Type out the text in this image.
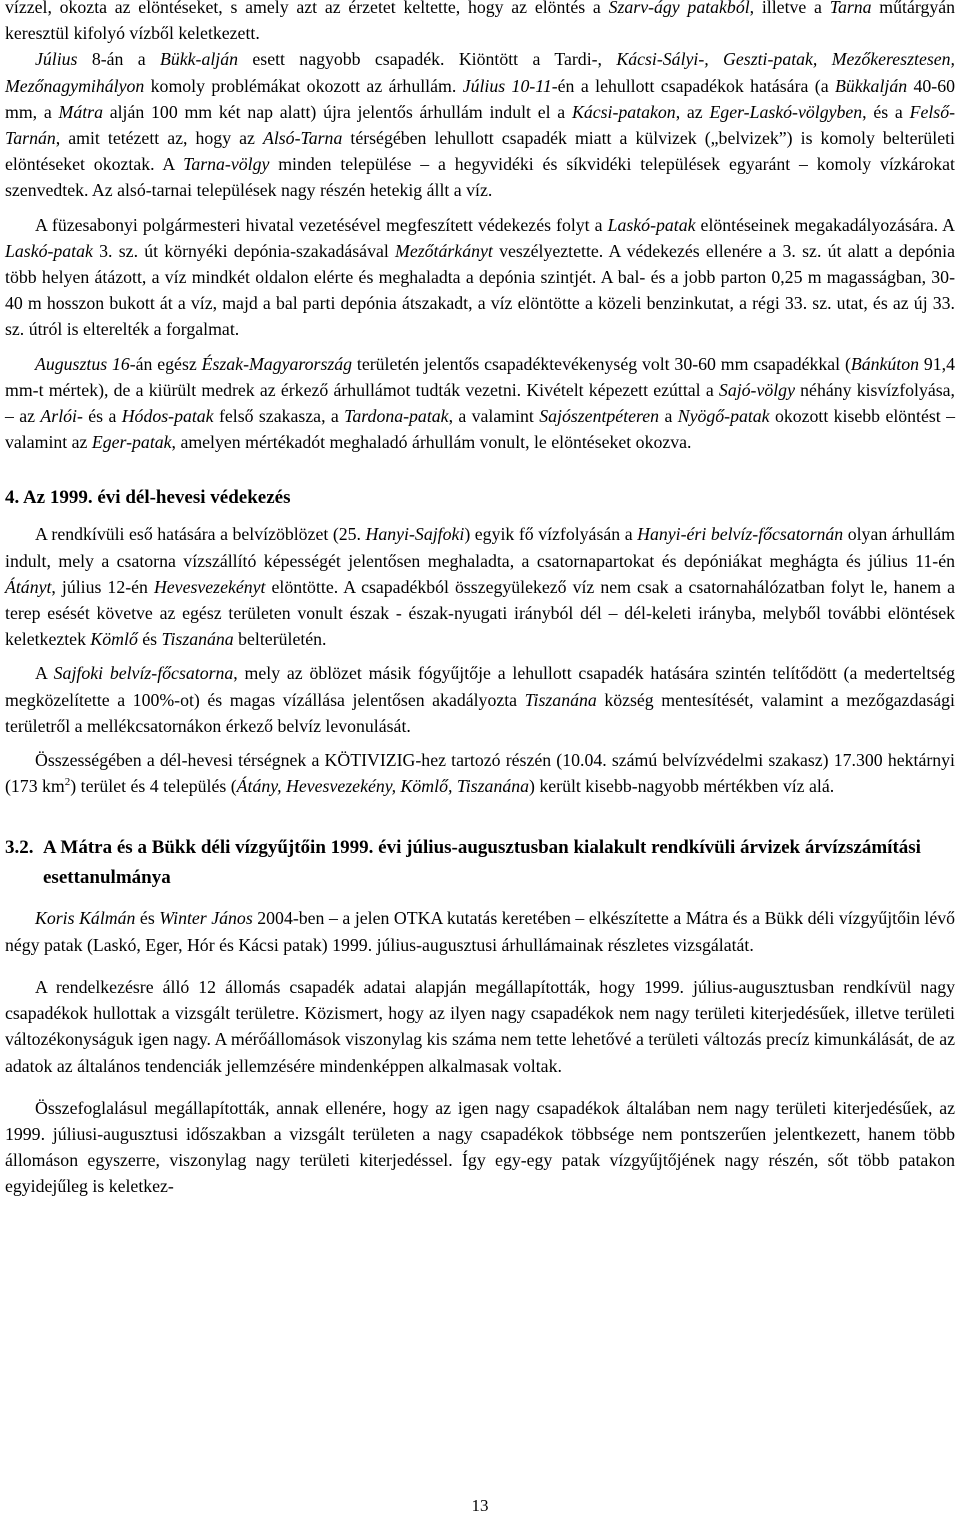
vízzel, okozta az elöntéseket, s amely azt az érzetet keltette, hogy az elöntés a Szarv-ágy patakból, illetve a Tarna műtárgyán keresztül kifolyó vízből keletkezett.

Július 8-án a Bükk-alján esett nagyobb csapadék. Kiöntött a Tardi-, Kácsi-Sályi-, Geszti-patak, Mezőkeresztesen, Mezőnagymihályon komoly problémákat okozott az árhullám. Július 10-11-én a lehullott csapadékok hatására (a Bükkalján 40-60 mm, a Mátra alján 100 mm két nap alatt) újra jelentős árhullám indult el a Kácsi-patakon, az Eger-Laskó-völgyben, és a Felső-Tarnán, amit tetézett az, hogy az Alsó-Tarna térségében lehullott csapadék miatt a külvizek („belvizek”) is komoly belterületi elöntéseket okoztak. A Tarna-völgy minden települése – a hegyvidéki és síkvidéki települések egyaránt – komoly vízkárokat szenvedtek. Az alsó-tarnai települések nagy részén hetekig állt a víz.

A füzesabonyi polgármesteri hivatal vezetésével megfeszített védekezés folyt a Laskó-patak elöntéseinek megakadályozására. A Laskó-patak 3. sz. út környéki depónia-szakadásával Mezőtárkányt veszélyeztette. A védekezés ellenére a 3. sz. út alatt a depónia több helyen átázott, a víz mindkét oldalon elérte és meghaladta a depónia szintjét. A bal- és a jobb parton 0,25 m magasságban, 30-40 m hosszon bukott át a víz, majd a bal parti depónia átszakadt, a víz elöntötte a közeli benzinkutat, a régi 33. sz. utat, és az új 33. sz. útról is elterelték a forgalmat.

Augusztus 16-án egész Észak-Magyarország területén jelentős csapadéktevékenység volt 30-60 mm csapadékkal (Bánkúton 91,4 mm-t mértek), de a kiürült medrek az érkező árhullámot tudták vezetni. Kivételt képezett ezúttal a Sajó-völgy néhány kisvízfolyása, – az Arlói- és a Hódos-patak felső szakasza, a Tardona-patak, a valamint Sajószentpéteren a Nyögő-patak okozott kisebb elöntést – valamint az Eger-patak, amelyen mértékadót meghaladó árhullám vonult, le elöntéseket okozva.

4. Az 1999. évi dél-hevesi védekezés

A rendkívüli eső hatására a belvízöblözet (25. Hanyi-Sajfoki) egyik fő vízfolyásán a Hanyi-éri belvíz-főcsatornán olyan árhullám indult, mely a csatorna vízszállító képességét jelentősen meghaladta, a csatornapartokat és depóniákat meghágta és július 11-én Átányt, július 12-én Hevesvezekényt elöntötte. A csapadékból összegyülekező víz nem csak a csatornahálózatban folyt le, hanem a terep esését követve az egész területen vonult észak - észak-nyugati irányból dél – dél-keleti irányba, melyből további elöntések keletkeztek Kömlő és Tiszanána belterületén.

A Sajfoki belvíz-főcsatorna, mely az öblözet másik fógyűjtője a lehullott csapadék hatására szintén telítődött (a mederteltség megközelítette a 100%-ot) és magas vízállása jelentősen akadályozta Tiszanána község mentesítését, valamint a mezőgazdasági területről a mellékcsatornákon érkező belvíz levonulását.

Összességében a dél-hevesi térségnek a KÖTIVIZIG-hez tartozó részén (10.04. számú belvízvédelmi szakasz) 17.300 hektárnyi (173 $km^2$) terület és 4 település (Átány, Hevesvezekény, Kömlő, Tiszanána) került kisebb-nagyobb mértékben víz alá.

3.2. A Mátra és a Bükk déli vízgyűjtőin 1999. évi július-augusztusban kialakult rendkívüli árvizek árvízszámítási esettanulmánya

Koris Kálmán és Winter János 2004-ben – a jelen OTKA kutatás keretében – elkészítette a Mátra és a Bükk déli vízgyűjtőin lévő négy patak (Laskó, Eger, Hór és Kácsi patak) 1999. július-augusztusi árhullámainak részletes vizsgálatát.

A rendelkezésre álló 12 állomás csapadék adatai alapján megállapították, hogy 1999. július-augusztusban rendkívül nagy csapadékok hullottak a vizsgált területre. Közismert, hogy az ilyen nagy csapadékok nem nagy területi kiterjedésűek, illetve területi változékonyságuk igen nagy. A mérőállomások viszonylag kis száma nem tette lehetővé a területi változás precíz kimunkálását, de az adatok az általános tendenciák jellemzésére mindenképpen alkalmasak voltak.

Összefoglalásul megállapították, annak ellenére, hogy az igen nagy csapadékok általában nem nagy területi kiterjedésűek, az 1999. júliusi-augusztusi időszakban a vizsgált területen a nagy csapadékok többsége nem pontszerűen jelentkezett, hanem több állomáson egyszerre, viszonylag nagy területi kiterjedéssel. Így egy-egy patak vízgyűjtőjének nagy részén, sőt több patakon egyidejűleg is keletkez-

13
